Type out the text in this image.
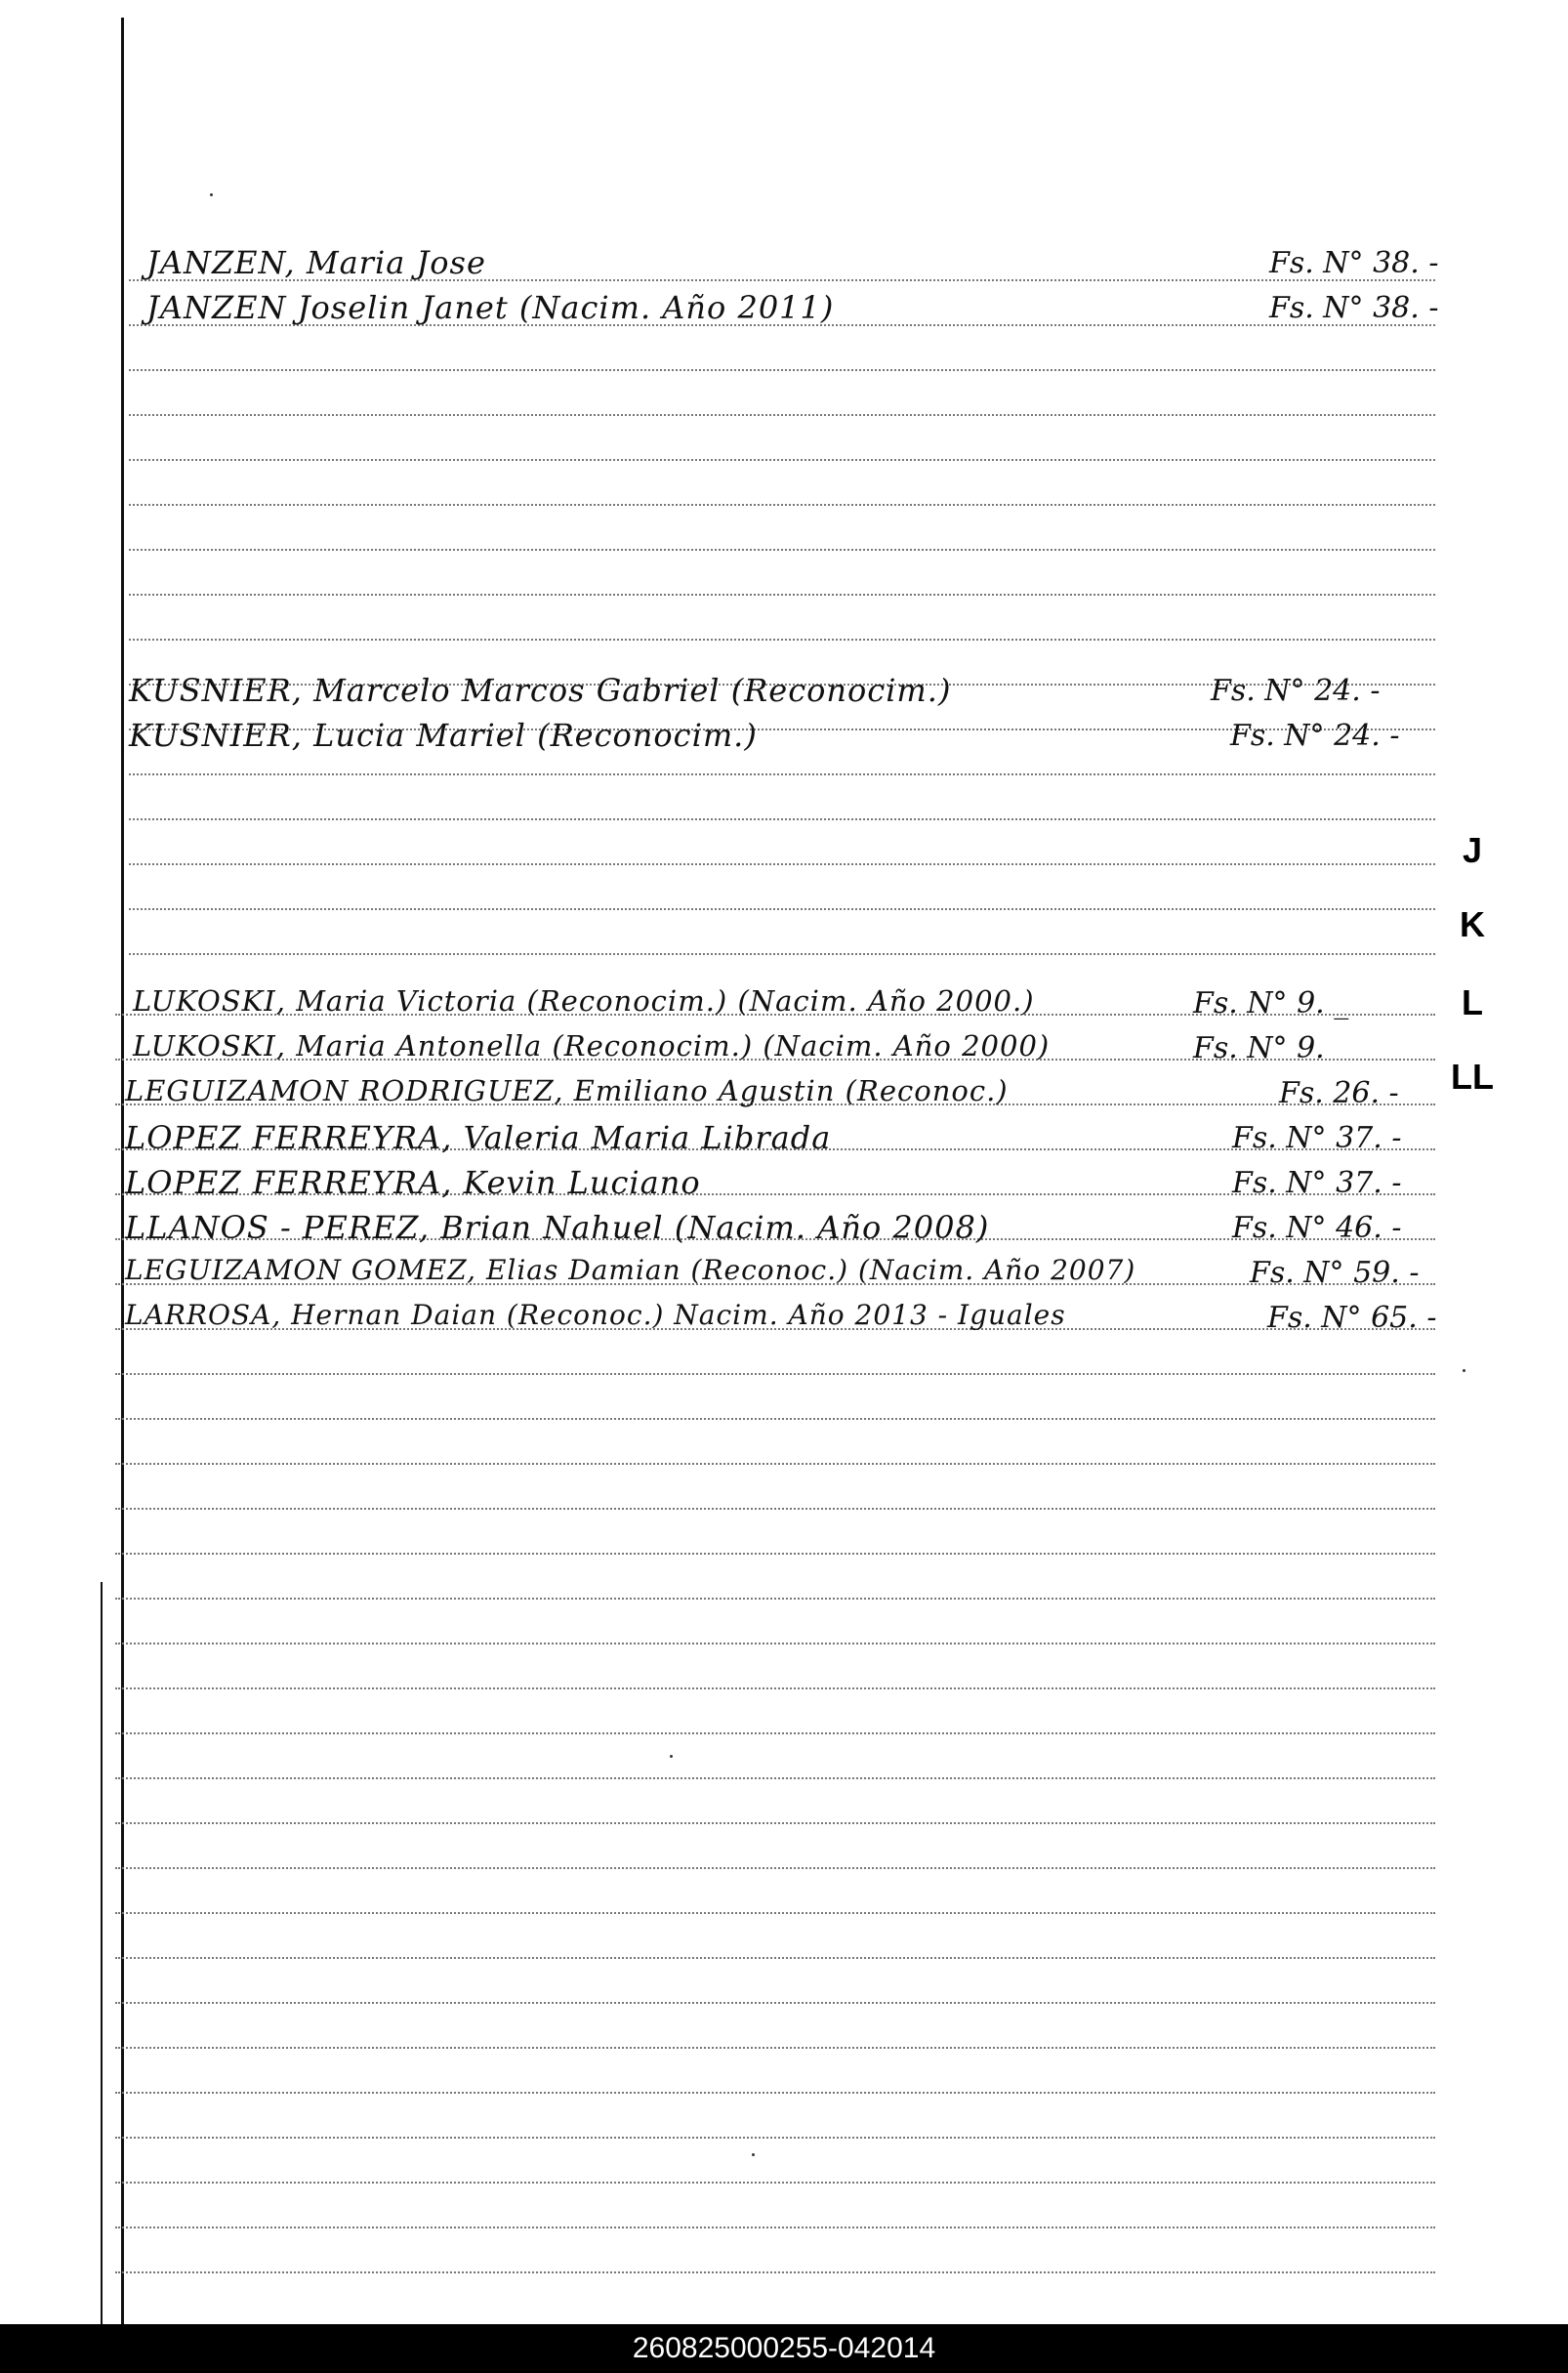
JANZEN, Maria Jose	Fs. N° 38. -
JANZEN Joselin Janet (Nacim. Año 2011)	Fs. N° 38. -
KUSNIER, Marcelo Marcos Gabriel (Reconocim.)	Fs. N° 24. -
KUSNIER, Lucia Mariel (Reconocim.)	Fs. N° 24. -
LUKOSKI, Maria Victoria (Reconocim.) (Nacim. Año 2000.)	Fs. N° 9. _
LUKOSKI, Maria Antonella (Reconocim.) (Nacim. Año 2000)	Fs. N° 9.
LEGUIZAMON RODRIGUEZ, Emiliano Agustin (Reconoc.)	Fs. 26. -
LOPEZ FERREYRA, Valeria Maria Librada	Fs. N° 37. -
LOPEZ FERREYRA, Kevin Luciano	Fs. N° 37. -
LLANOS - PEREZ, Brian Nahuel (Nacim. Año 2008)	Fs. N° 46. -
LEGUIZAMON GOMEZ, Elias Damian (Reconoc.) (Nacim. Año 2007)	Fs. N° 59. -
LARROSA, Hernan Daian (Reconoc.) Nacim. Año 2013 - Iguales	Fs. N° 65. -
J
K
L
LL
260825000255-042014
